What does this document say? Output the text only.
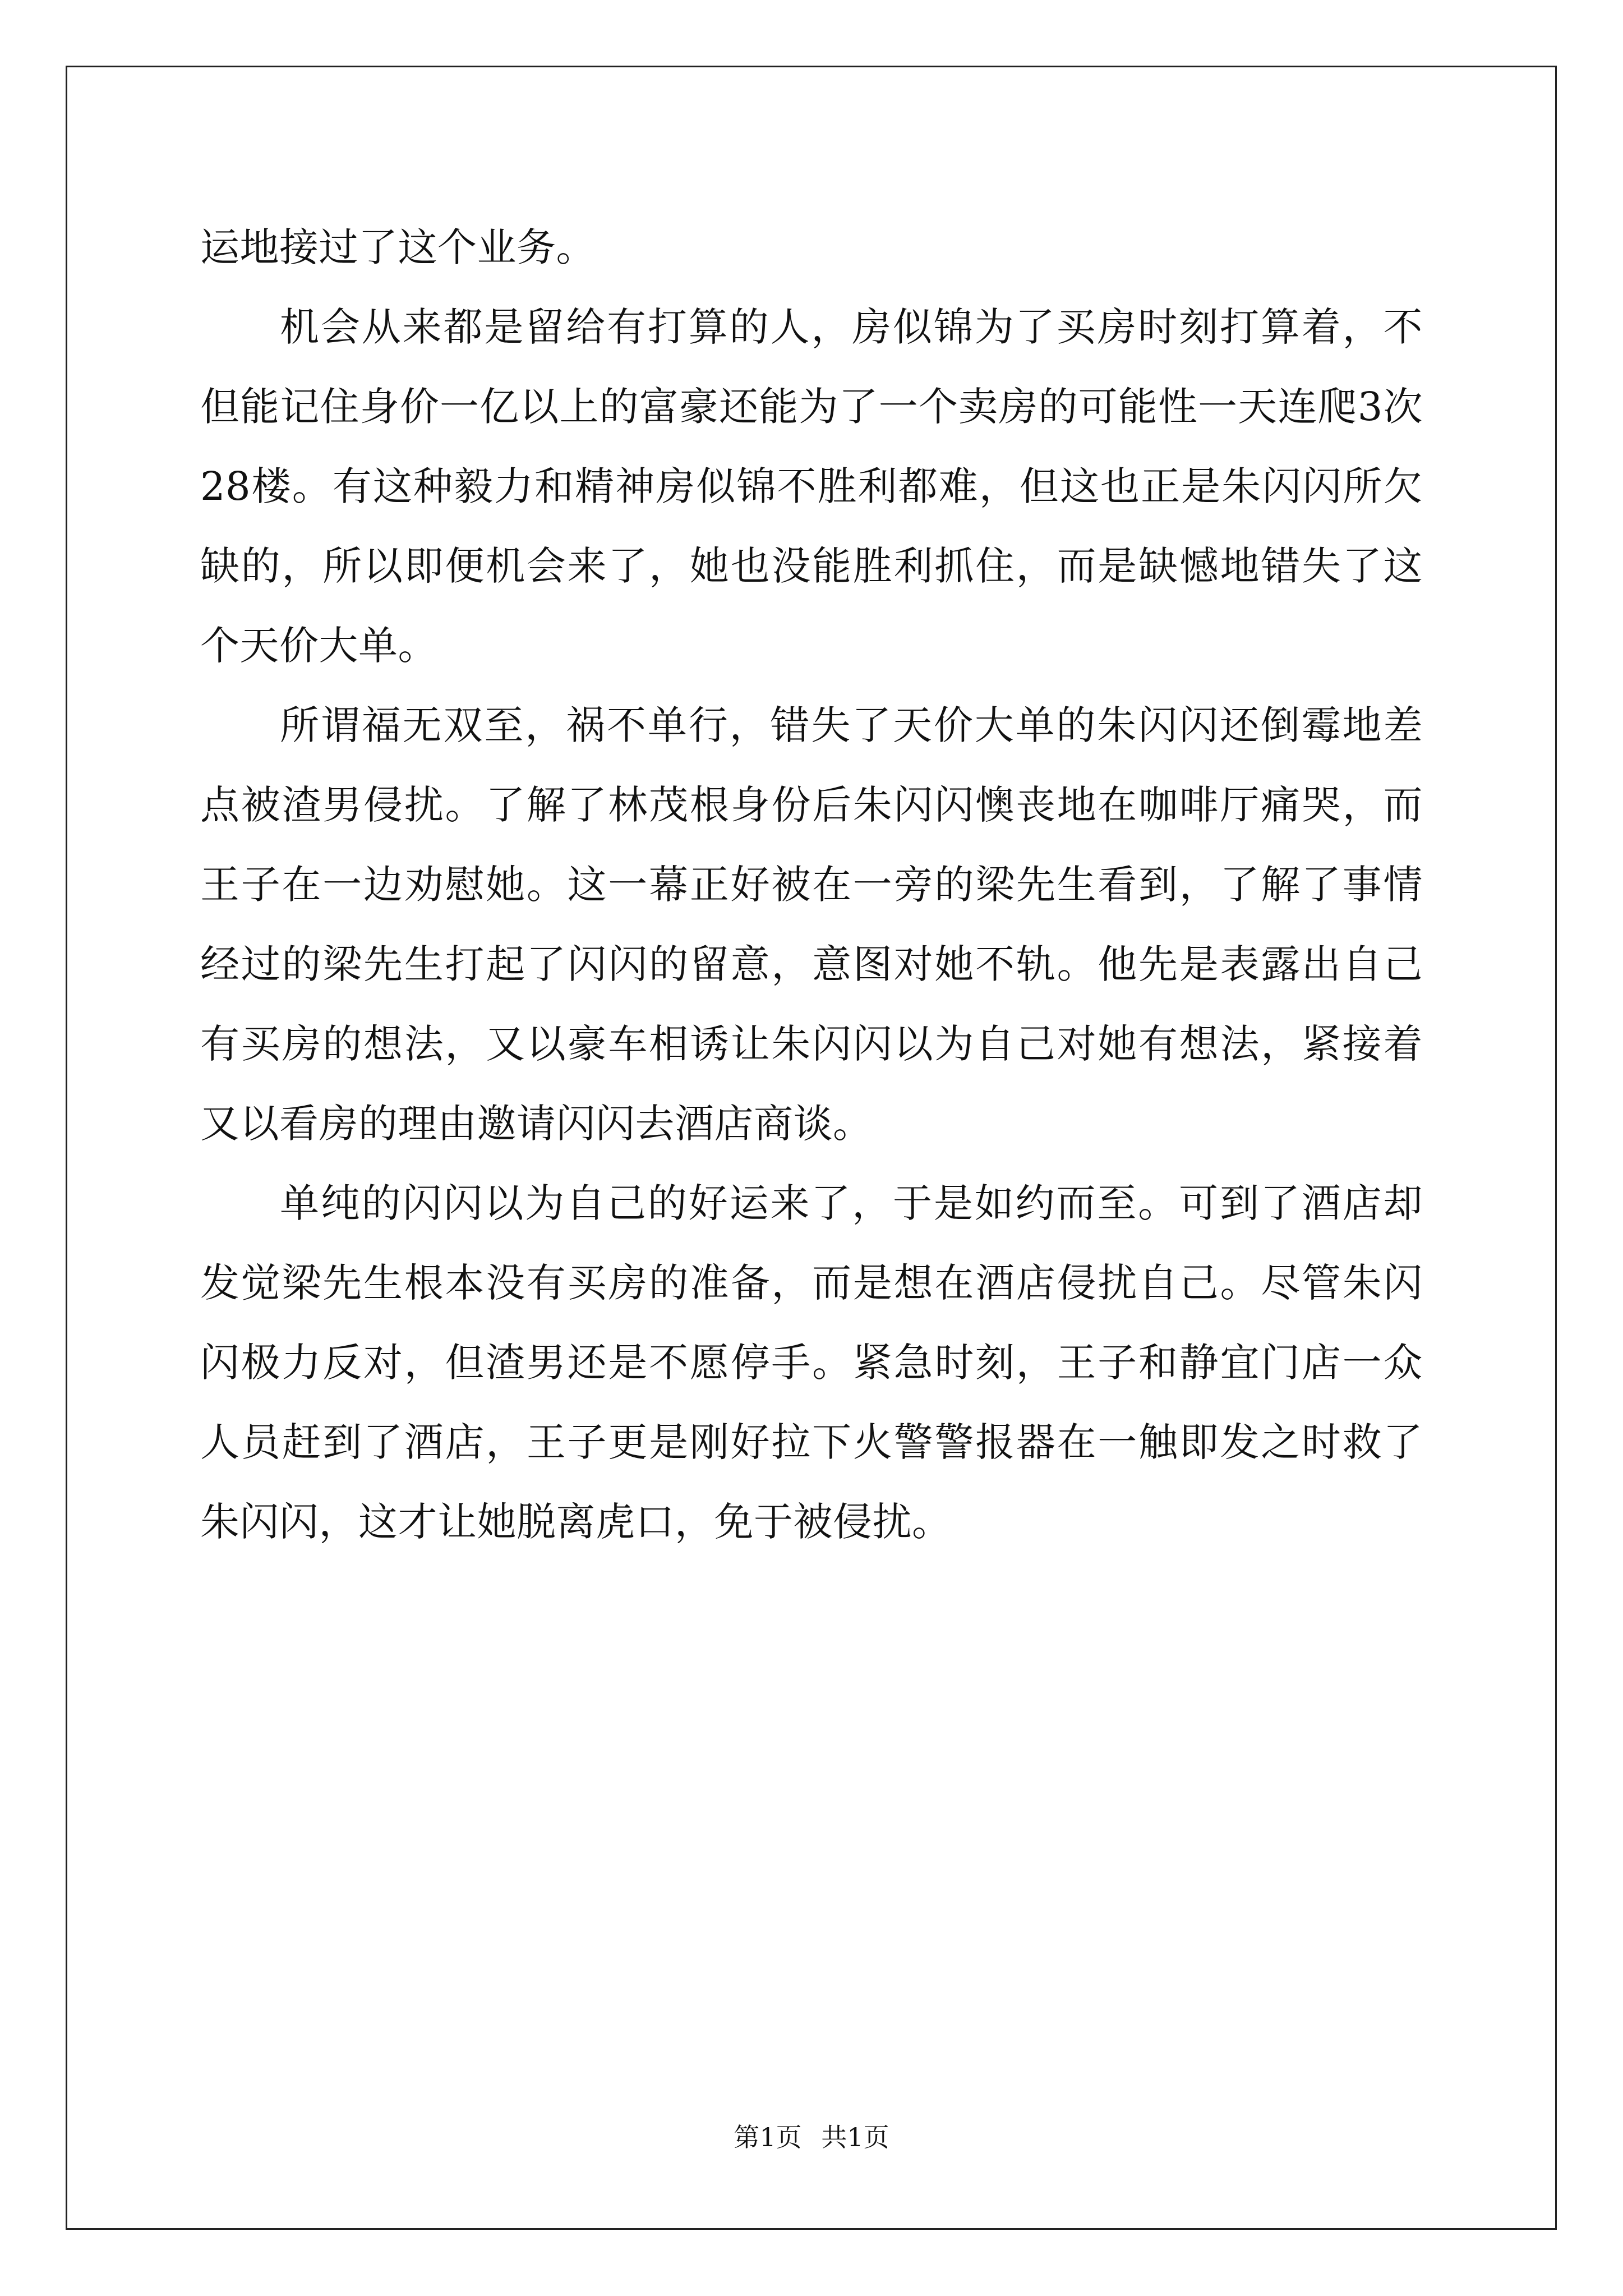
运地接过了这个业务。

机会从来都是留给有打算的人，房似锦为了买房时刻打算着，不但能记住身价一亿以上的富豪还能为了一个卖房的可能性一天连爬3次28楼。有这种毅力和精神房似锦不胜利都难，但这也正是朱闪闪所欠缺的，所以即便机会来了，她也没能胜利抓住，而是缺憾地错失了这个天价大单。

所谓福无双至，祸不单行，错失了天价大单的朱闪闪还倒霉地差点被渣男侵扰。了解了林茂根身份后朱闪闪懊丧地在咖啡厅痛哭，而王子在一边劝慰她。这一幕正好被在一旁的梁先生看到，了解了事情经过的梁先生打起了闪闪的留意，意图对她不轨。他先是表露出自己有买房的想法，又以豪车相诱让朱闪闪以为自己对她有想法，紧接着又以看房的理由邀请闪闪去酒店商谈。

单纯的闪闪以为自己的好运来了，于是如约而至。可到了酒店却发觉梁先生根本没有买房的准备，而是想在酒店侵扰自己。尽管朱闪闪极力反对，但渣男还是不愿停手。紧急时刻，王子和静宜门店一众人员赶到了酒店，王子更是刚好拉下火警警报器在一触即发之时救了朱闪闪，这才让她脱离虎口，免于被侵扰。

第1页 共1页
